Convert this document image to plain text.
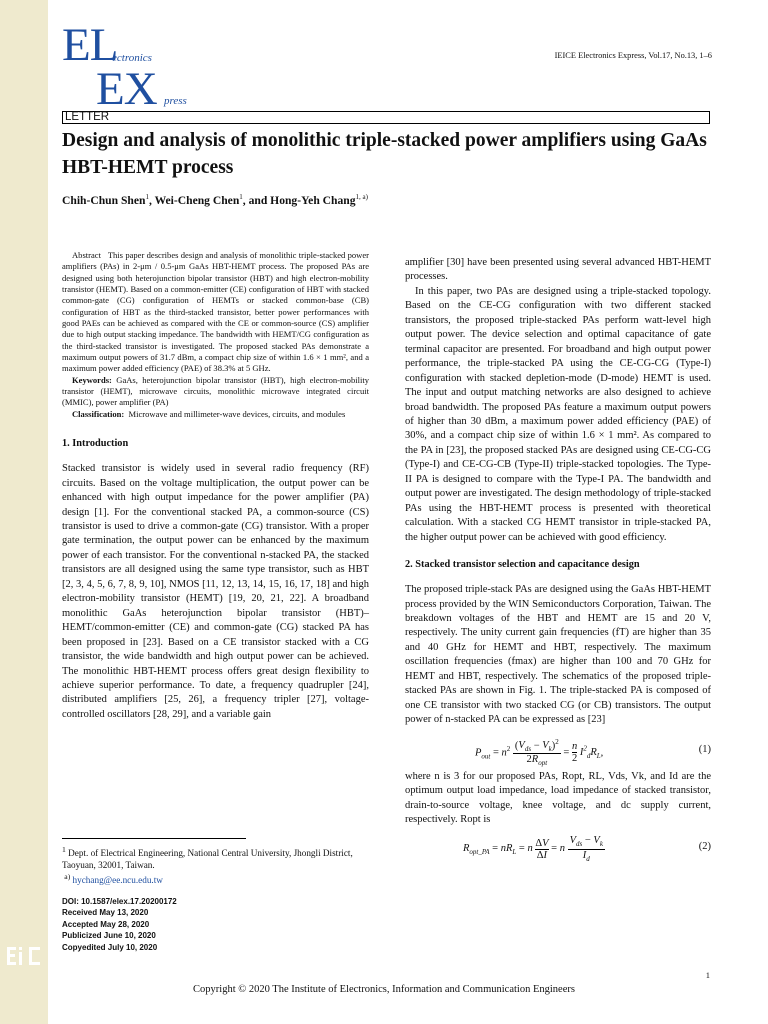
EL
ectronics
EX press
IEICE Electronics Express, Vol.17, No.13, 1–6
LETTER
Design and analysis of monolithic triple-stacked power amplifiers using GaAs HBT-HEMT process
Chih-Chun Shen$^1$, Wei-Cheng Chen$^1$, and Hong-Yeh Chang$^{1, a)}$

Abstract This paper describes design and analysis of monolithic triple-stacked power amplifiers (PAs) in 2-μm / 0.5-μm GaAs HBT-HEMT process. The proposed PAs are designed using both heterojunction bipolar transistor (HBT) and high electron-mobility transistor (HEMT). Based on a common-emitter (CE) configuration of HBT with stacked common-gate (CG) configuration of HEMTs or stacked common-base (CB) configuration of HBT as the third-stacked transistor, better power performances with good PAEs can be achieved as compared with the CE or common-source (CS) amplifier due to high output stacking impedance. The bandwidth with HEMT/CG configuration as the third-stacked transistor is investigated. The proposed stacked PAs demonstrate a maximum output powers of 31.7 dBm, a compact chip size of within 1.6 × 1 mm², and a maximum power added efficiency (PAE) of 38.3% at 5 GHz.

Keywords: GaAs, heterojunction bipolar transistor (HBT), high electron-mobility transistor (HEMT), microwave circuits, monolithic microwave integrated circuit (MMIC), power amplifier (PA)

Classification: Microwave and millimeter-wave devices, circuits, and modules

1. Introduction

Stacked transistor is widely used in several radio frequency (RF) circuits. Based on the voltage multiplication, the output power can be enhanced with high output impedance for the power amplifier (PA) design [1]. For the conventional stacked PA, a common-source (CS) transistor is used to drive a common-gate (CG) transistor. With a proper gate termination, the output power can be enhanced by the maximum power of each transistor. For the conventional n-stacked PA, the stacked transistors are all designed using the same type transistor, such as HBT [2, 3, 4, 5, 6, 7, 8, 9, 10], NMOS [11, 12, 13, 14, 15, 16, 17, 18] and high electron-mobility transistor (HEMT) [19, 20, 21, 22]. A broadband monolithic GaAs heterojunction bipolar transistor (HBT)–HEMT/common-emitter (CE) and common-gate (CG) stacked PA has been proposed in [23]. Based on a CE transistor stacked with a CG transistor, the wide bandwidth and high output power can be achieved. The monolithic HBT-HEMT process offers great design flexibility to achieve superior performance. To date, a frequency quadrupler [24], distributed amplifiers [25, 26], a frequency tripler [27], voltage-controlled oscillators [28, 29], and a variable gain

$^1$ Dept. of Electrical Engineering, National Central University, Jhongli District, Taoyuan, 32001, Taiwan.

$^{a)}$ hychang@ee.ncu.edu.tw

DOI: 10.1587/elex.17.20200172

Received May 13, 2020

Accepted May 28, 2020

Publicized June 10, 2020

Copyedited July 10, 2020

amplifier [30] have been presented using several advanced HBT-HEMT processes.

In this paper, two PAs are designed using a triple-stacked topology. Based on the CE-CG configuration with two different stacked transistors, the proposed triple-stacked PAs perform watt-level high output power. The device selection and optimal capacitance of gate terminal capacitor are presented. For broadband and high output power performance, the triple-stacked PA using the CE-CG-CG (Type-I) configuration with stacked depletion-mode (D-mode) HEMT is used. The input and output matching networks are also designed to achieve broad bandwidth. The proposed PAs feature a maximum output powers of higher than 30 dBm, a maximum power added efficiency (PAE) of 30%, and a compact chip size of within 1.6 × 1 mm². As compared to the PA in [23], the proposed stacked PAs are designed using CE-CG-CG (Type-I) and CE-CG-CB (Type-II) triple-stacked topologies. The Type-II PA is designed to compare with the Type-I PA. The bandwidth and output power are investigated. The design methodology of triple-stacked PAs using the HBT-HEMT process is presented with theoretical calculation. With a stacked CG HEMT transistor in triple-stacked PA, the higher output power can be achieved with good efficiency.

2. Stacked transistor selection and capacitance design

The proposed triple-stack PAs are designed using the GaAs HBT-HEMT process provided by the WIN Semiconductors Corporation, Taiwan. The breakdown voltages of the HBT and HEMT are 15 and 20 V, respectively. The unity current gain frequencies (fT) are higher than 35 and 40 GHz for HEMT and HBT, respectively. The maximum oscillation frequencies (fmax) are higher than 100 and 70 GHz for HEMT and HBT, respectively. The schematics of the proposed triple-stacked PAs are shown in Fig. 1. The triple-stacked PA is composed of one CE transistor with two stacked CG (or CB) transistors. The output power of n-stacked PA can be expressed as [23]

$P_{out} = n^2$ $(V_{ds} - V_k)^2$
$2R_{opt}$
= $\frac{n}{2} I^2_dR_L$,	(1)

where n is 3 for our proposed PAs, Ropt, RL, Vds, Vk, and Id are the optimum output load impedance, load impedance of stacked transistor, drain-to-source voltage, knee voltage, and dc supply current, respectively. Ropt is

$R_{opt\_PA} = nR_L = n \frac{\Delta V}{\Delta I} = n$
$V_{ds} - V_k$
$I_d$
(2)
1
Copyright © 2020 The Institute of Electronics, Information and Communication Engineers
